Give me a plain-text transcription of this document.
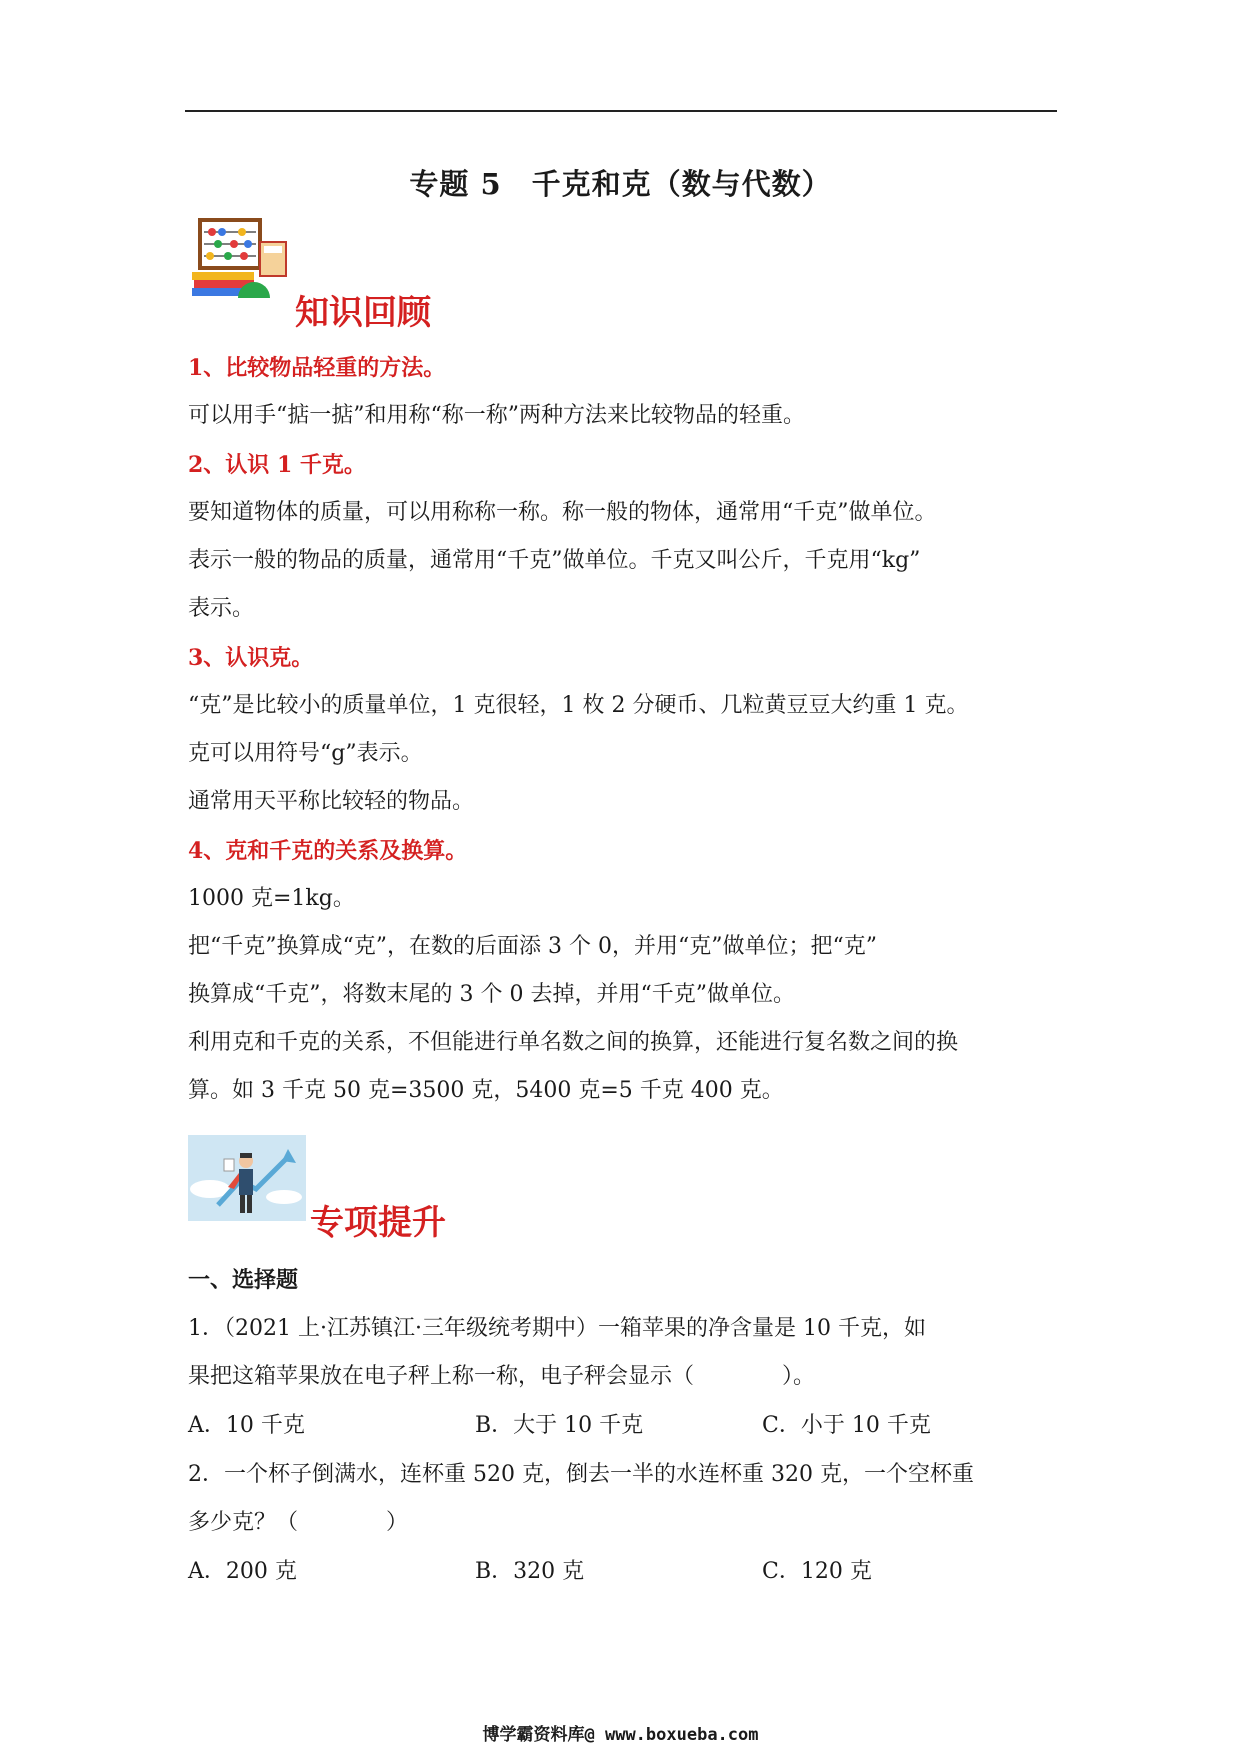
专题 5　千克和克（数与代数）
知识回顾
1、比较物品轻重的方法。
可以用手“掂一掂”和用称“称一称”两种方法来比较物品的轻重。
2、认识 1 千克。
要知道物体的质量，可以用称称一称。称一般的物体，通常用“千克”做单位。
表示一般的物品的质量，通常用“千克”做单位。千克又叫公斤，千克用“kg”
表示。
3、认识克。
“克”是比较小的质量单位，1 克很轻，1 枚 2 分硬币、几粒黄豆豆大约重 1 克。
克可以用符号“g”表示。
通常用天平称比较轻的物品。
4、克和千克的关系及换算。
1000 克=1kg。
把“千克”换算成“克”，在数的后面添 3 个 0，并用“克”做单位；把“克”
换算成“千克”，将数末尾的 3 个 0 去掉，并用“千克”做单位。
利用克和千克的关系，不但能进行单名数之间的换算，还能进行复名数之间的换
算。如 3 千克 50 克=3500 克，5400 克=5 千克 400 克。
专项提升
一、选择题
1．（2021 上·江苏镇江·三年级统考期中）一箱苹果的净含量是 10 千克，如
果把这箱苹果放在电子秤上称一称，电子秤会显示（　　　　）。
A．10 千克	B．大于 10 千克	C．小于 10 千克
2．一个杯子倒满水，连杯重 520 克，倒去一半的水连杯重 320 克，一个空杯重
多少克？（　　　　）
A．200 克	B．320 克	C．120 克
博学霸资料库@ www.boxueba.com
